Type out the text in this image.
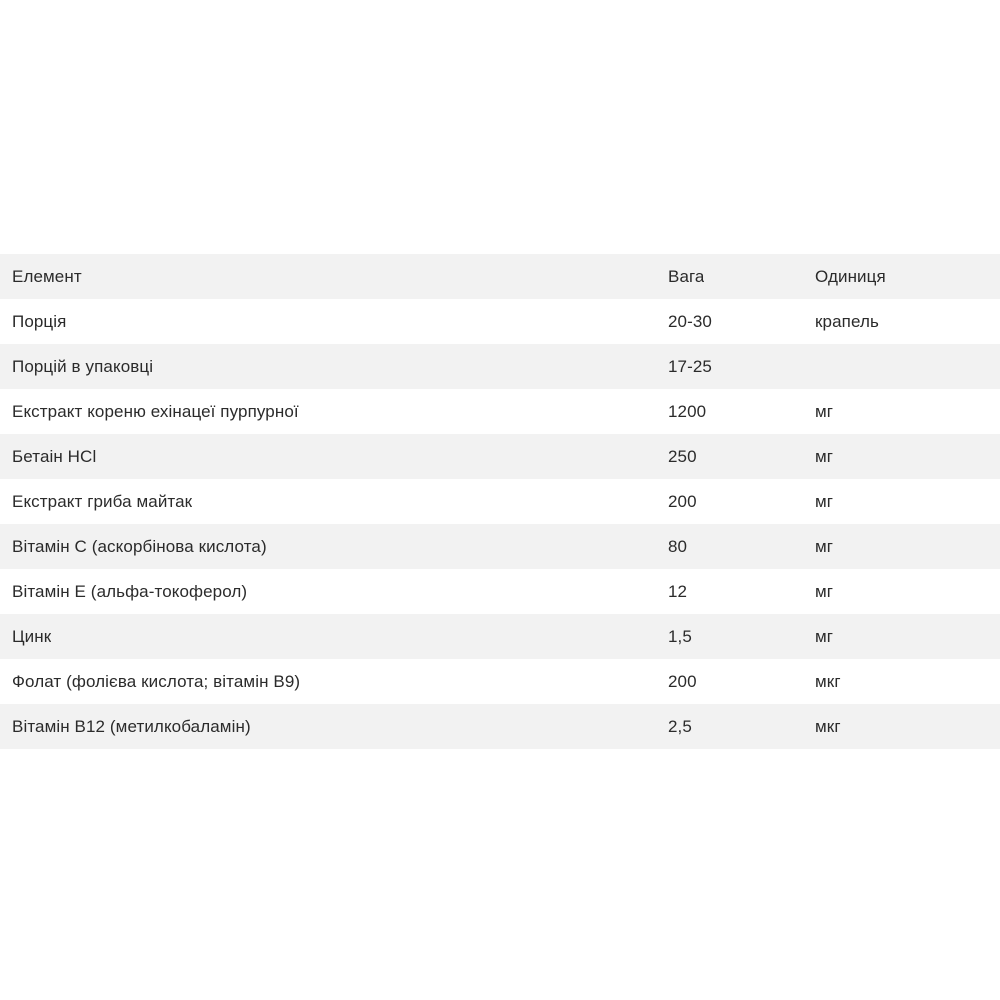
Елемент	Вага	Одиниця
Порція	20-30	крапель
Порцій в упаковці	17-25
Екстракт кореню ехінацеї пурпурної	1200	мг
Бетаін HCl	250	мг
Екстракт гриба майтак	200	мг
Вітамін C (аскорбінова кислота)	80	мг
Вітамін E (альфа-токоферол)	12	мг
Цинк	1,5	мг
Фолат (фолієва кислота; вітамін B9)	200	мкг
Вітамін B12 (метилкобаламін)	2,5	мкг
